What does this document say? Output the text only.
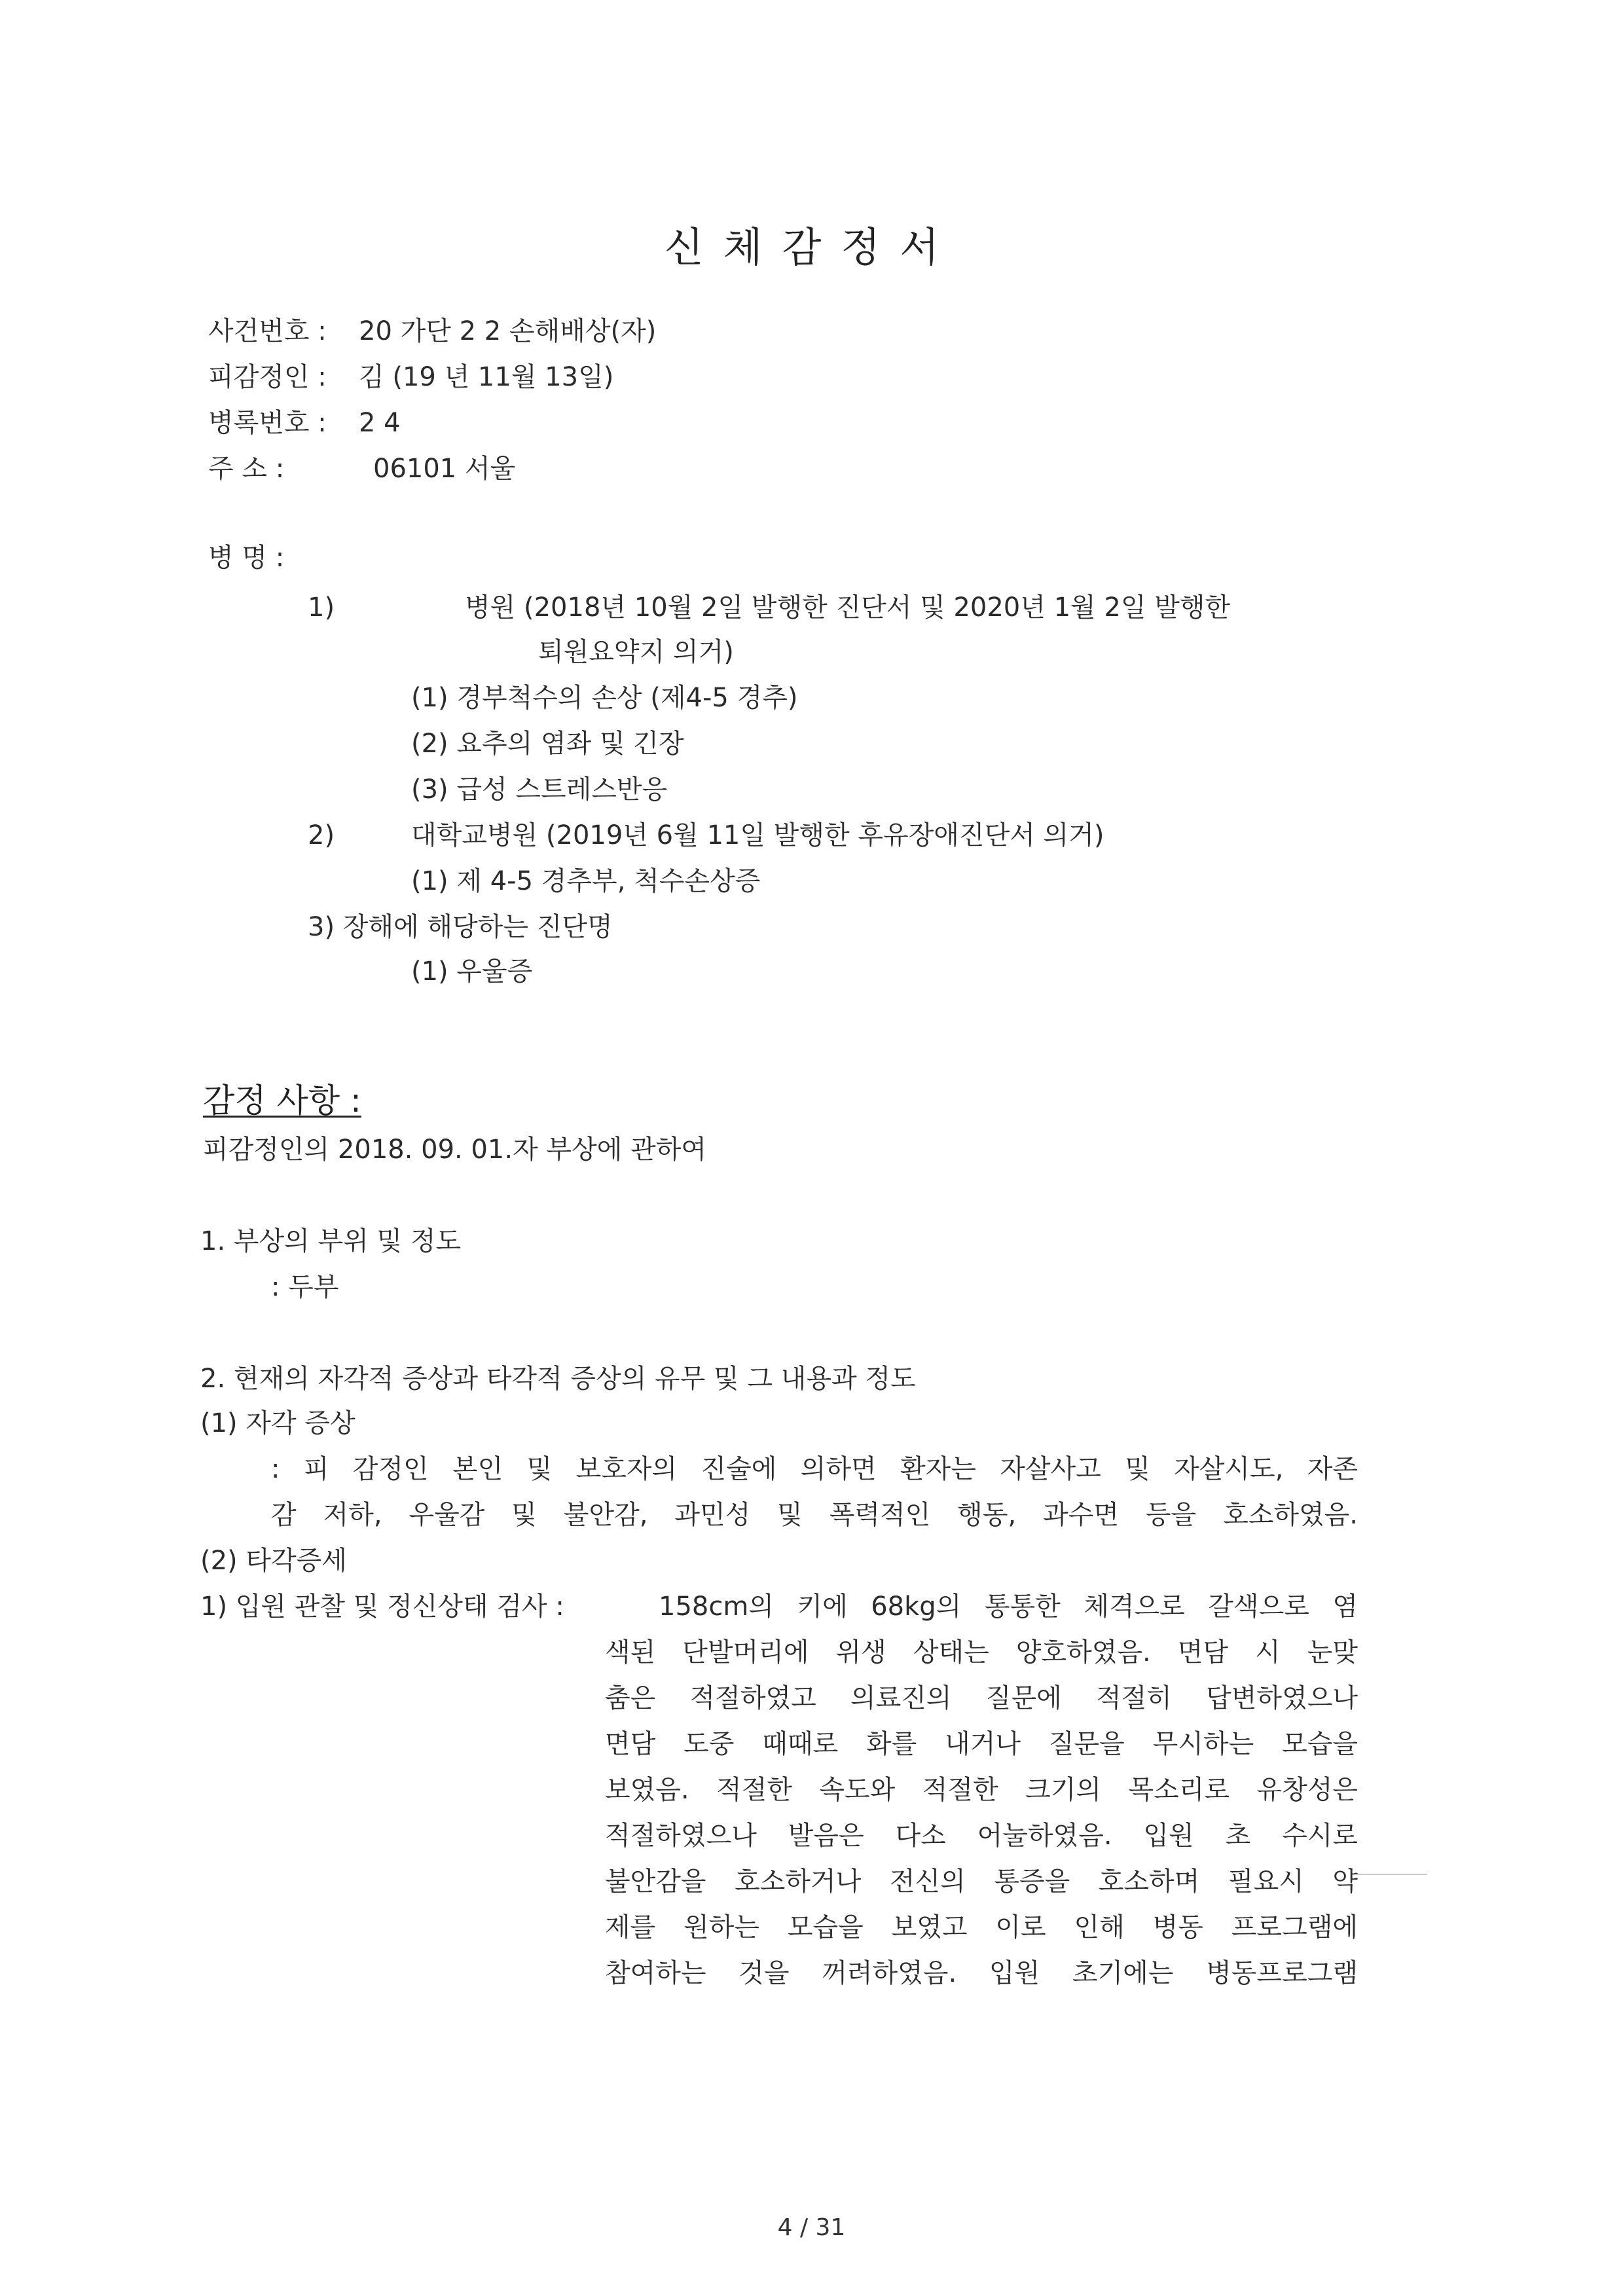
신체감정서
사건번호 : 20 가단 2 2 손해배상(자)
피감정인 : 김 (19 년 11월 13일)
병록번호 : 2 4
주 소 :	06101 서울
병 명 :
1)	병원 (2018년 10월 2일 발행한 진단서 및 2020년 1월 2일 발행한
퇴원요약지 의거)
(1) 경부척수의 손상 (제4-5 경추)
(2) 요추의 염좌 및 긴장
(3) 급성 스트레스반응
2)	대학교병원 (2019년 6월 11일 발행한 후유장애진단서 의거)
(1) 제 4-5 경추부, 척수손상증
3) 장해에 해당하는 진단명
(1) 우울증
감정 사항 :
피감정인의 2018. 09. 01.자 부상에 관하여
1. 부상의 부위 및 정도
: 두부
2. 현재의 자각적 증상과 타각적 증상의 유무 및 그 내용과 정도
(1) 자각 증상
: 피 감정인 본인 및 보호자의 진술에 의하면 환자는 자살사고 및 자살시도, 자존
감 저하, 우울감 및 불안감, 과민성 및 폭력적인 행동, 과수면 등을 호소하였음.
(2) 타각증세
1) 입원 관찰 및 정신상태 검사 :	158cm의 키에 68kg의 통통한 체격으로 갈색으로 염
색된 단발머리에 위생 상태는 양호하였음. 면담 시 눈맞
춤은 적절하였고 의료진의 질문에 적절히 답변하였으나
면담 도중 때때로 화를 내거나 질문을 무시하는 모습을
보였음. 적절한 속도와 적절한 크기의 목소리로 유창성은
적절하였으나 발음은 다소 어눌하였음. 입원 초 수시로
불안감을 호소하거나 전신의 통증을 호소하며 필요시 약
제를 원하는 모습을 보였고 이로 인해 병동 프로그램에
참여하는 것을 꺼려하였음. 입원 초기에는 병동프로그램
4 / 31
